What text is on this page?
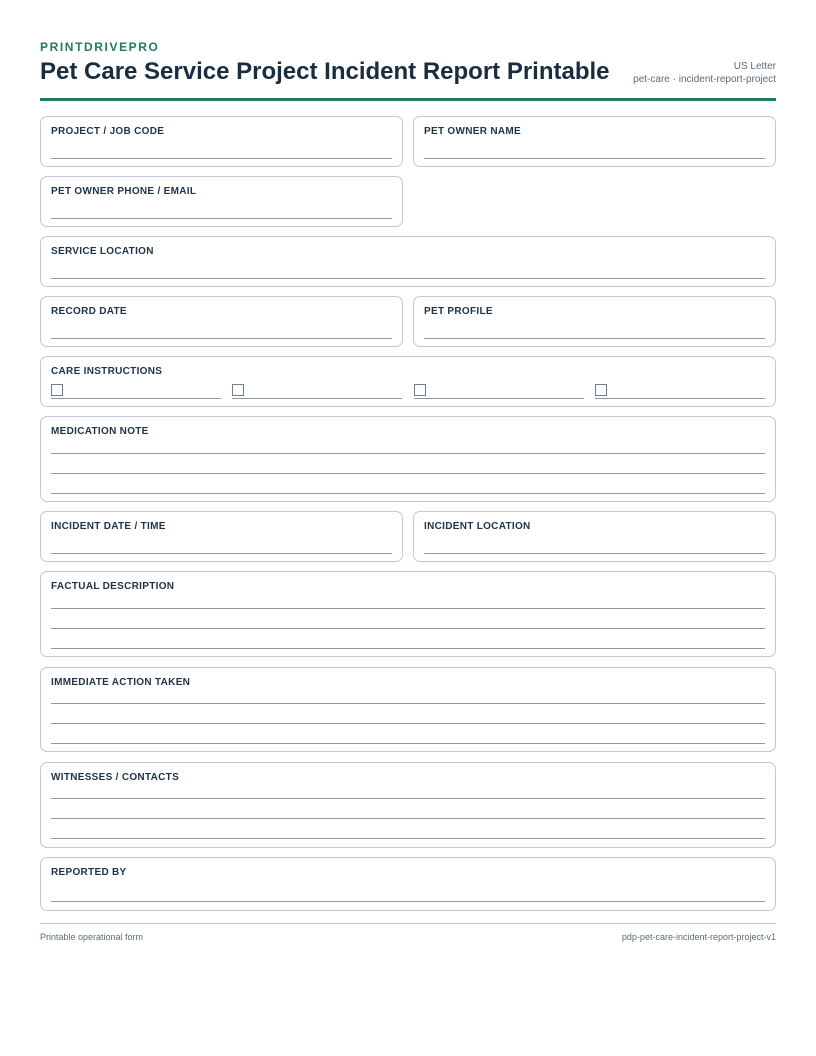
PRINTDRIVEPRO
Pet Care Service Project Incident Report Printable	US Letter
pet-care · incident-report-project
PROJECT / JOB CODE	PET OWNER NAME
PET OWNER PHONE / EMAIL
SERVICE LOCATION
RECORD DATE	PET PROFILE
CARE INSTRUCTIONS
MEDICATION NOTE
INCIDENT DATE / TIME	INCIDENT LOCATION
FACTUAL DESCRIPTION
IMMEDIATE ACTION TAKEN
WITNESSES / CONTACTS
REPORTED BY
Printable operational form	pdp-pet-care-incident-report-project-v1
